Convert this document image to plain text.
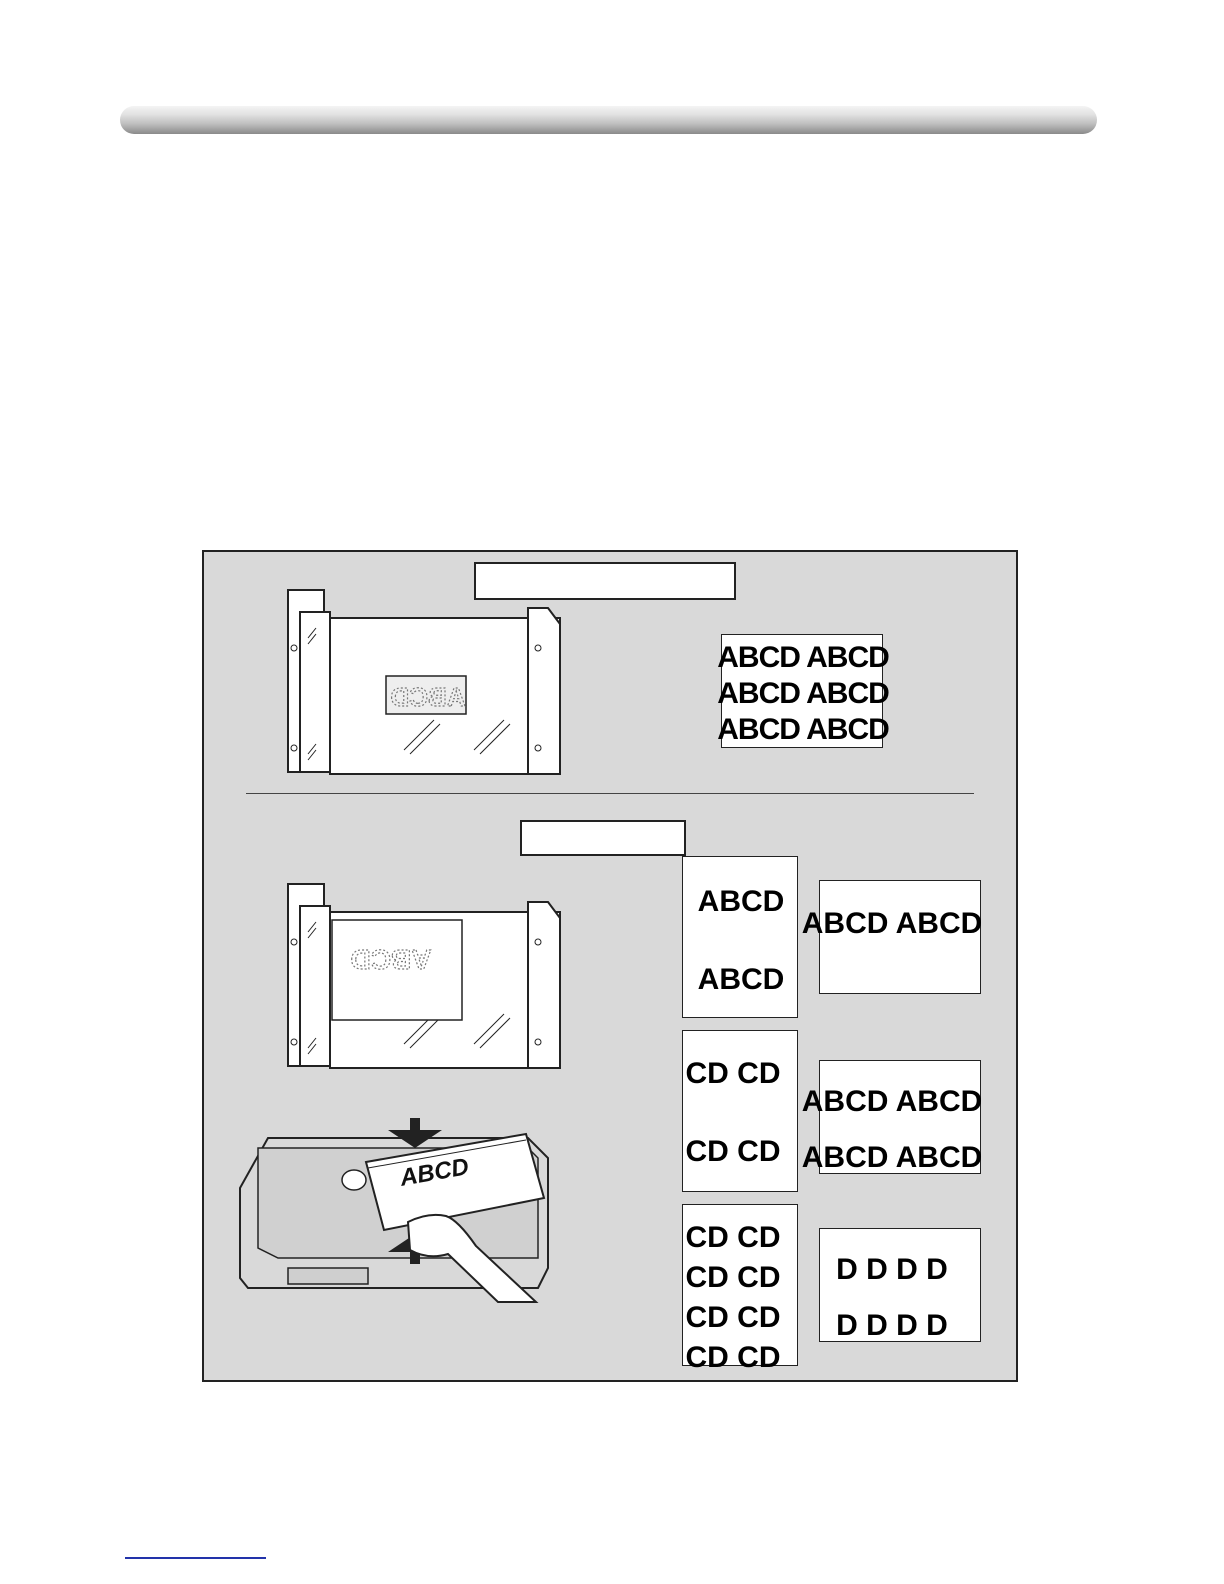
ABCD
ABCD ABCD
ABCD ABCD
ABCD ABCD
ABCD
ABCD
ABCD
ABCD
ABCD ABCD
CD CD
CD CD
ABCD ABCD
ABCD ABCD
CD CD
CD CD
CD CD
CD CD
D D D D
D D D D
